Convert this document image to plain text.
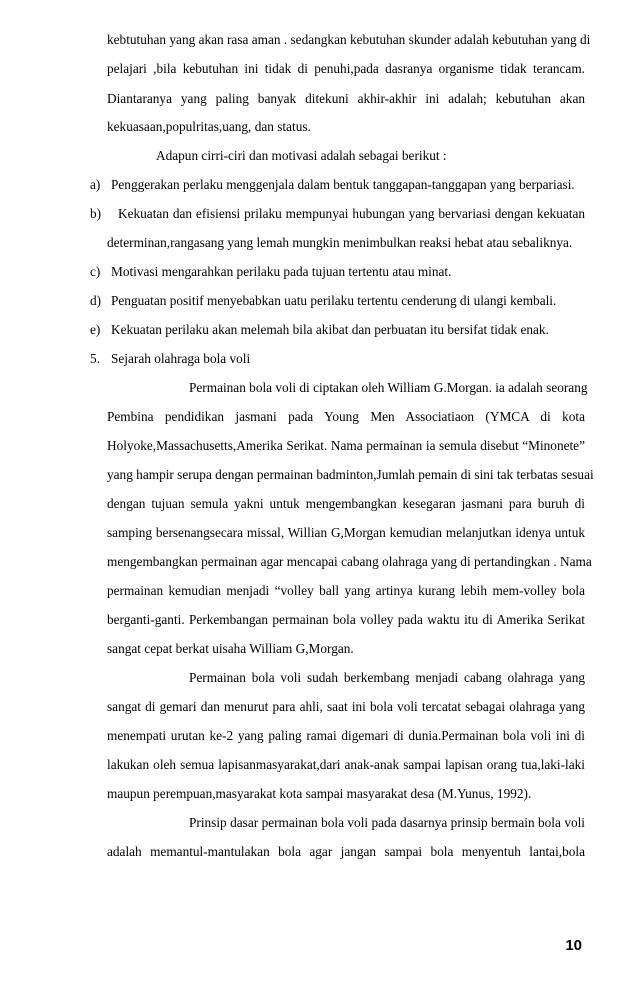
kebtutuhan yang akan rasa aman . sedangkan kebutuhan skunder adalah kebutuhan yang di
pelajari ,bila kebutuhan ini tidak di penuhi,pada dasranya organisme tidak terancam.
Diantaranya yang paling banyak ditekuni akhir-akhir ini adalah; kebutuhan akan
kekuasaan,populritas,uang, dan status.
Adapun cirri-ciri dan motivasi adalah sebagai berikut :
a) Penggerakan perlaku menggenjala dalam bentuk tanggapan-tanggapan yang berpariasi.
b) Kekuatan dan efisiensi prilaku mempunyai hubungan yang bervariasi dengan kekuatan
determinan,rangasang yang lemah mungkin menimbulkan reaksi hebat atau sebaliknya.
c) Motivasi mengarahkan perilaku pada tujuan tertentu atau minat.
d) Penguatan positif menyebabkan uatu perilaku tertentu cenderung di ulangi kembali.
e) Kekuatan perilaku akan melemah bila akibat dan perbuatan itu bersifat tidak enak.
5. Sejarah olahraga bola voli
Permainan bola voli di ciptakan oleh William G.Morgan. ia adalah seorang
Pembina pendidikan jasmani pada Young Men Associatiaon (YMCA di kota
Holyoke,Massachusetts,Amerika Serikat. Nama permainan ia semula disebut “Minonete”
yang hampir serupa dengan permainan badminton,Jumlah pemain di sini tak terbatas sesuai
dengan tujuan semula yakni untuk mengembangkan kesegaran jasmani para buruh di
samping bersenangsecara missal, Willian G,Morgan kemudian melanjutkan idenya untuk
mengembangkan permainan agar mencapai cabang olahraga yang di pertandingkan . Nama
permainan kemudian menjadi “volley ball yang artinya kurang lebih mem-volley bola
berganti-ganti. Perkembangan permainan bola volley pada waktu itu di Amerika Serikat
sangat cepat berkat uisaha William G,Morgan.
Permainan bola voli sudah berkembang menjadi cabang olahraga yang
sangat di gemari dan menurut para ahli, saat ini bola voli tercatat sebagai olahraga yang
menempati urutan ke-2 yang paling ramai digemari di dunia.Permainan bola voli ini di
lakukan oleh semua lapisanmasyarakat,dari anak-anak sampai lapisan orang tua,laki-laki
maupun perempuan,masyarakat kota sampai masyarakat desa (M.Yunus, 1992).
Prinsip dasar permainan bola voli pada dasarnya prinsip bermain bola voli
adalah memantul-mantulakan bola agar jangan sampai bola menyentuh lantai,bola
10
